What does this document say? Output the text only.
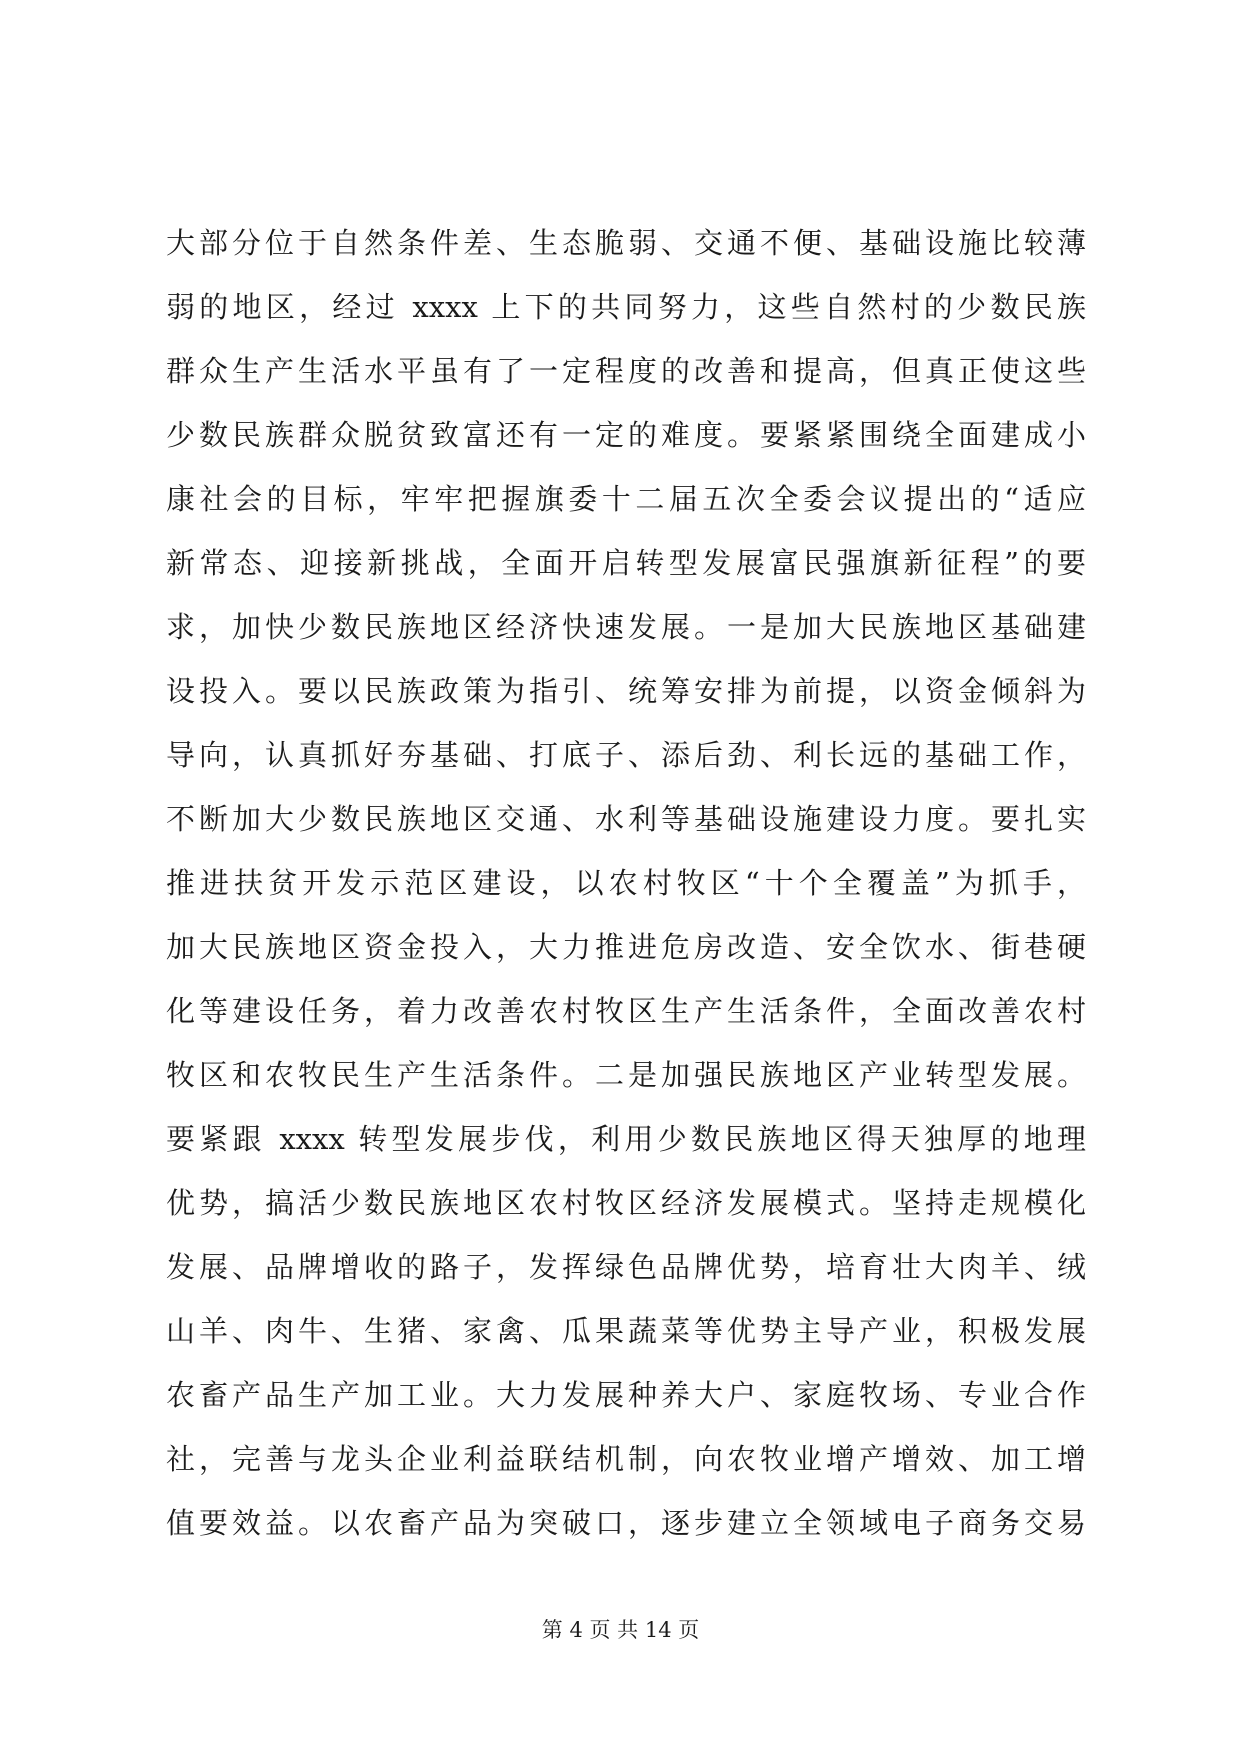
大部分位于自然条件差、生态脆弱、交通不便、基础设施比较薄
弱的地区，经过 xxxx 上下的共同努力，这些自然村的少数民族
群众生产生活水平虽有了一定程度的改善和提高，但真正使这些
少数民族群众脱贫致富还有一定的难度。要紧紧围绕全面建成小
康社会的目标，牢牢把握旗委十二届五次全委会议提出的“适应
新常态、迎接新挑战，全面开启转型发展富民强旗新征程”的要
求，加快少数民族地区经济快速发展。一是加大民族地区基础建
设投入。要以民族政策为指引、统筹安排为前提，以资金倾斜为
导向，认真抓好夯基础、打底子、添后劲、利长远的基础工作，
不断加大少数民族地区交通、水利等基础设施建设力度。要扎实
推进扶贫开发示范区建设，以农村牧区“十个全覆盖”为抓手，
加大民族地区资金投入，大力推进危房改造、安全饮水、街巷硬
化等建设任务，着力改善农村牧区生产生活条件，全面改善农村
牧区和农牧民生产生活条件。二是加强民族地区产业转型发展。
要紧跟 xxxx 转型发展步伐，利用少数民族地区得天独厚的地理
优势，搞活少数民族地区农村牧区经济发展模式。坚持走规模化
发展、品牌增收的路子，发挥绿色品牌优势，培育壮大肉羊、绒
山羊、肉牛、生猪、家禽、瓜果蔬菜等优势主导产业，积极发展
农畜产品生产加工业。大力发展种养大户、家庭牧场、专业合作
社，完善与龙头企业利益联结机制，向农牧业增产增效、加工增
值要效益。以农畜产品为突破口，逐步建立全领域电子商务交易
第 4 页 共 14 页
